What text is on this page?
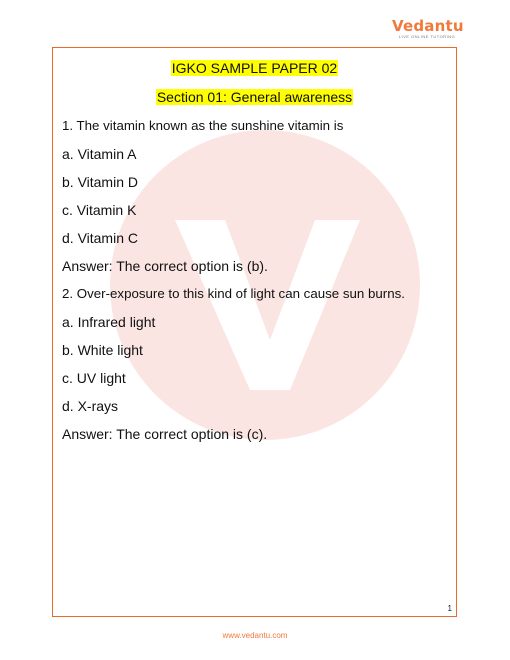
Vedantu
LIVE ONLINE TUTORING
IGKO SAMPLE PAPER 02
Section 01: General awareness
1. The vitamin known as the sunshine vitamin is
a. Vitamin A
b. Vitamin D
c. Vitamin K
d. Vitamin C
Answer: The correct option is (b).
2. Over-exposure to this kind of light can cause sun burns.
a. Infrared light
b. White light
c. UV light
d. X-rays
Answer: The correct option is (c).
1
www.vedantu.com
